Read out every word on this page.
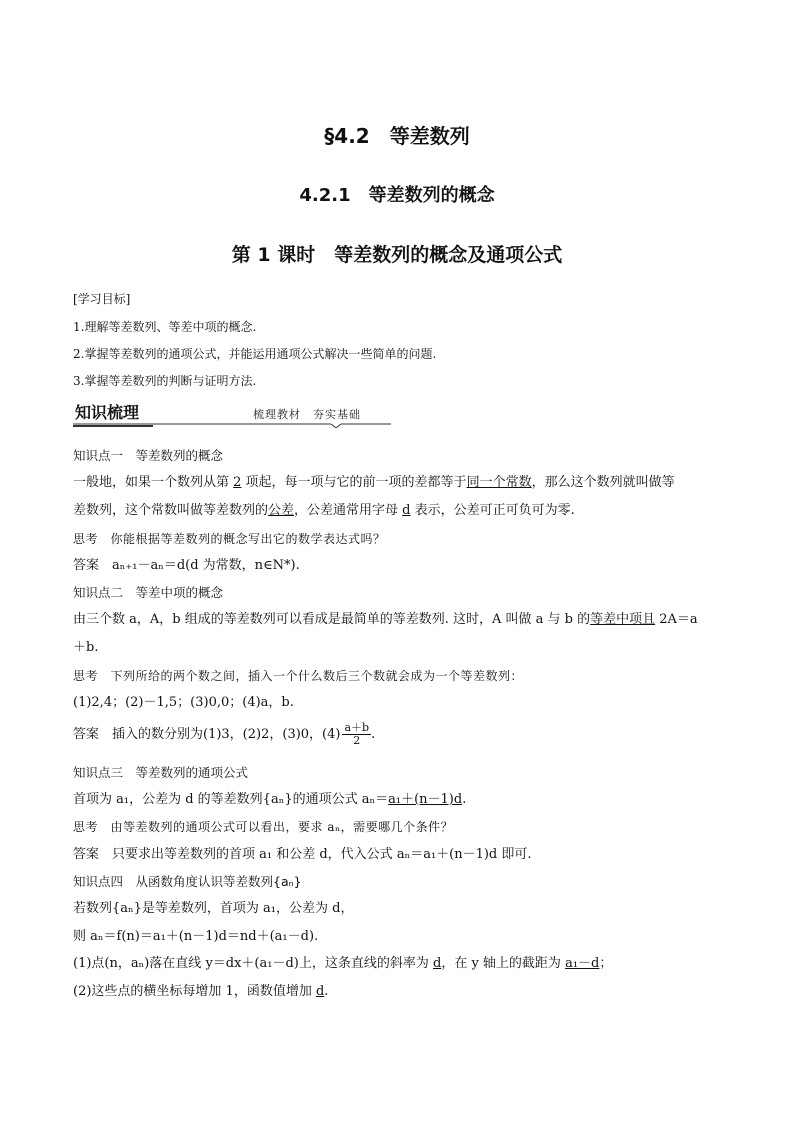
§4.2　等差数列
4.2.1　等差数列的概念
第 1 课时　等差数列的概念及通项公式
[学习目标]
1.理解等差数列、等差中项的概念.
2.掌握等差数列的通项公式，并能运用通项公式解决一些简单的问题.
3.掌握等差数列的判断与证明方法.
知识梳理	梳理教材　夯实基础
知识点一　等差数列的概念
一般地，如果一个数列从第 2 项起，每一项与它的前一项的差都等于同一个常数，那么这个数列就叫做等
差数列，这个常数叫做等差数列的公差，公差通常用字母 d 表示，公差可正可负可为零.
思考　你能根据等差数列的概念写出它的数学表达式吗？
答案　aₙ₊₁－aₙ＝d(d 为常数，n∈N*).
知识点二　等差中项的概念
由三个数 a，A，b 组成的等差数列可以看成是最简单的等差数列. 这时，A 叫做 a 与 b 的等差中项且 2A＝a
＋b.
思考　下列所给的两个数之间，插入一个什么数后三个数就会成为一个等差数列：
(1)2,4；(2)－1,5；(3)0,0；(4)a，b.
答案　插入的数分别为(1)3，(2)2，(3)0，$(4) \frac{a+b}{2}$ .
知识点三　等差数列的通项公式
首项为 a₁，公差为 d 的等差数列{aₙ}的通项公式 aₙ＝a₁＋(n－1)d.
思考　由等差数列的通项公式可以看出，要求 aₙ，需要哪几个条件？
答案　只要求出等差数列的首项 a₁ 和公差 d，代入公式 aₙ＝a₁＋(n－1)d 即可.
知识点四　从函数角度认识等差数列{aₙ}
若数列{aₙ}是等差数列，首项为 a₁，公差为 d，
则 aₙ＝f(n)＝a₁＋(n－1)d＝nd＋(a₁－d).
(1)点(n，aₙ)落在直线 y＝dx＋(a₁－d)上，这条直线的斜率为 d，在 y 轴上的截距为 a₁－d；
(2)这些点的横坐标每增加 1，函数值增加 d.
